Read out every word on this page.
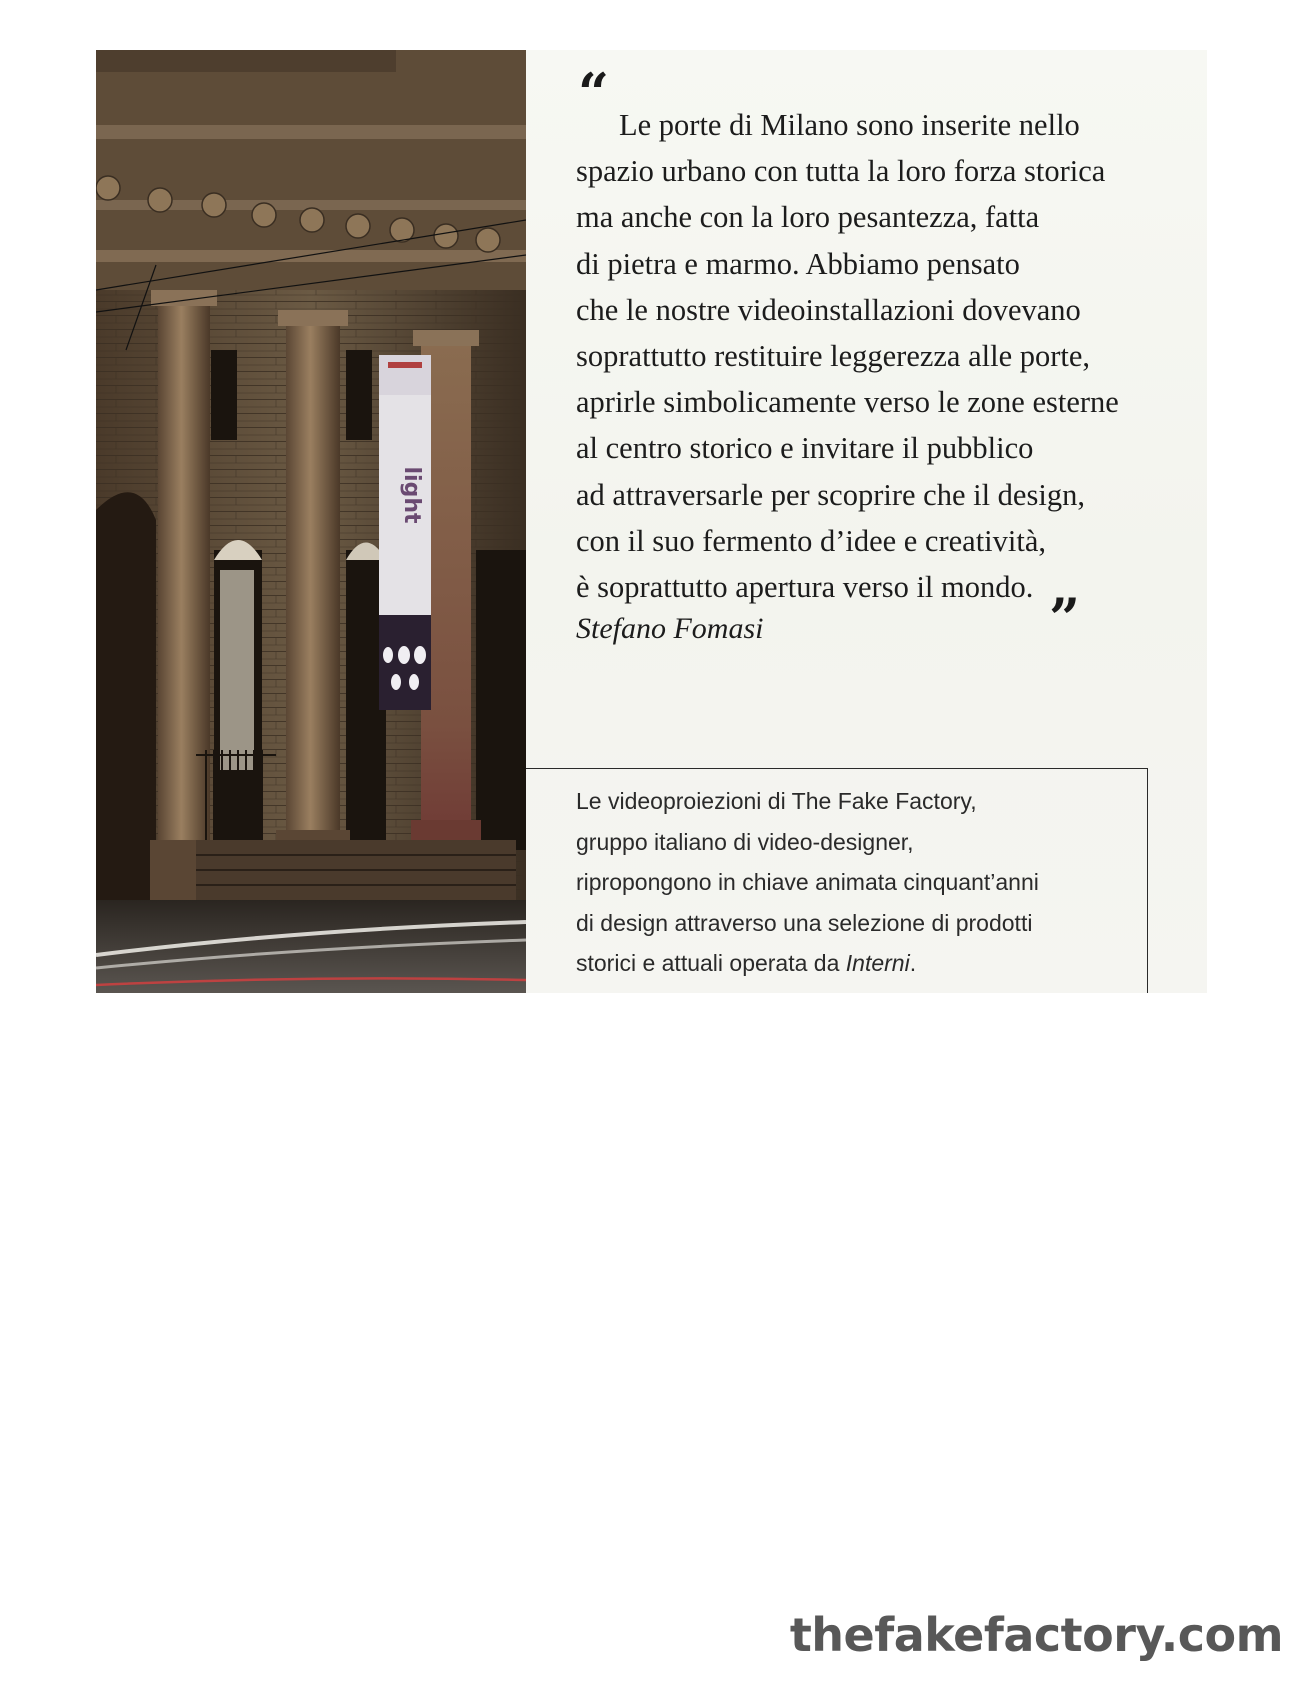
light
“ Le porte di Milano sono inserite nello
spazio urbano con tutta la loro forza storica
ma anche con la loro pesantezza, fatta
di pietra e marmo. Abbiamo pensato
che le nostre videoinstallazioni dovevano
soprattutto restituire leggerezza alle porte,
aprirle simbolicamente verso le zone esterne
al centro storico e invitare il pubblico
ad attraversarle per scoprire che il design,
con il suo fermento d’idee e creatività,
è soprattutto apertura verso il mondo. ”
Stefano Fomasi
Le videoproiezioni di The Fake Factory,
gruppo italiano di video-designer,
ripropongono in chiave animata cinquant’anni
di design attraverso una selezione di prodotti
storici e attuali operata da Interni.
thefakefactory.com
